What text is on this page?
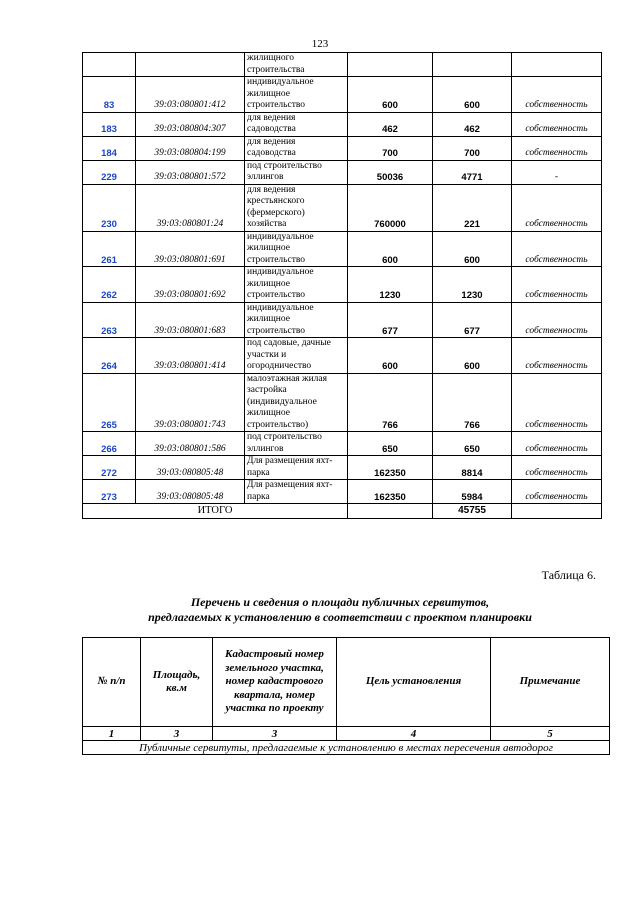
123
		жилищного строительства			
83	39:03:080801:412	индивидуальное жилищное строительство	600	600	собственность
183	39:03:080804:307	для ведения садоводства	462	462	собственность
184	39:03:080804:199	для ведения садоводства	700	700	собственность
229	39:03:080801:572	под строительство эллингов	50036	4771	-
230	39:03:080801:24	для ведения крестьянского (фермерского) хозяйства	760000	221	собственность
261	39:03:080801:691	индивидуальное жилищное строительство	600	600	собственность
262	39:03:080801:692	индивидуальное жилищное строительство	1230	1230	собственность
263	39:03:080801:683	индивидуальное жилищное строительство	677	677	собственность
264	39:03:080801:414	под садовые, дачные участки и огородничество	600	600	собственность
265	39:03:080801:743	малоэтажная жилая застройка (индивидуальное жилищное строительство)	766	766	собственность
266	39:03:080801:586	под строительство эллингов	650	650	собственность
272	39:03:080805:48	Для размещения яхт- парка	162350	8814	собственность
273	39:03:080805:48	Для размещения яхт- парка	162350	5984	собственность
ИТОГО				45755	
Таблица 6.
Перечень и сведения о площади публичных сервитутов,
предлагаемых к установлению в соответствии с проектом планировки
№ п/п	Площадь, кв.м	Кадастровый номер земельного участка, номер кадастрового квартала, номер участка по проекту	Цель установления	Примечание
1	3	3	4	5
Публичные сервитуты, предлагаемые к установлению в местах пересечения автодорог				
